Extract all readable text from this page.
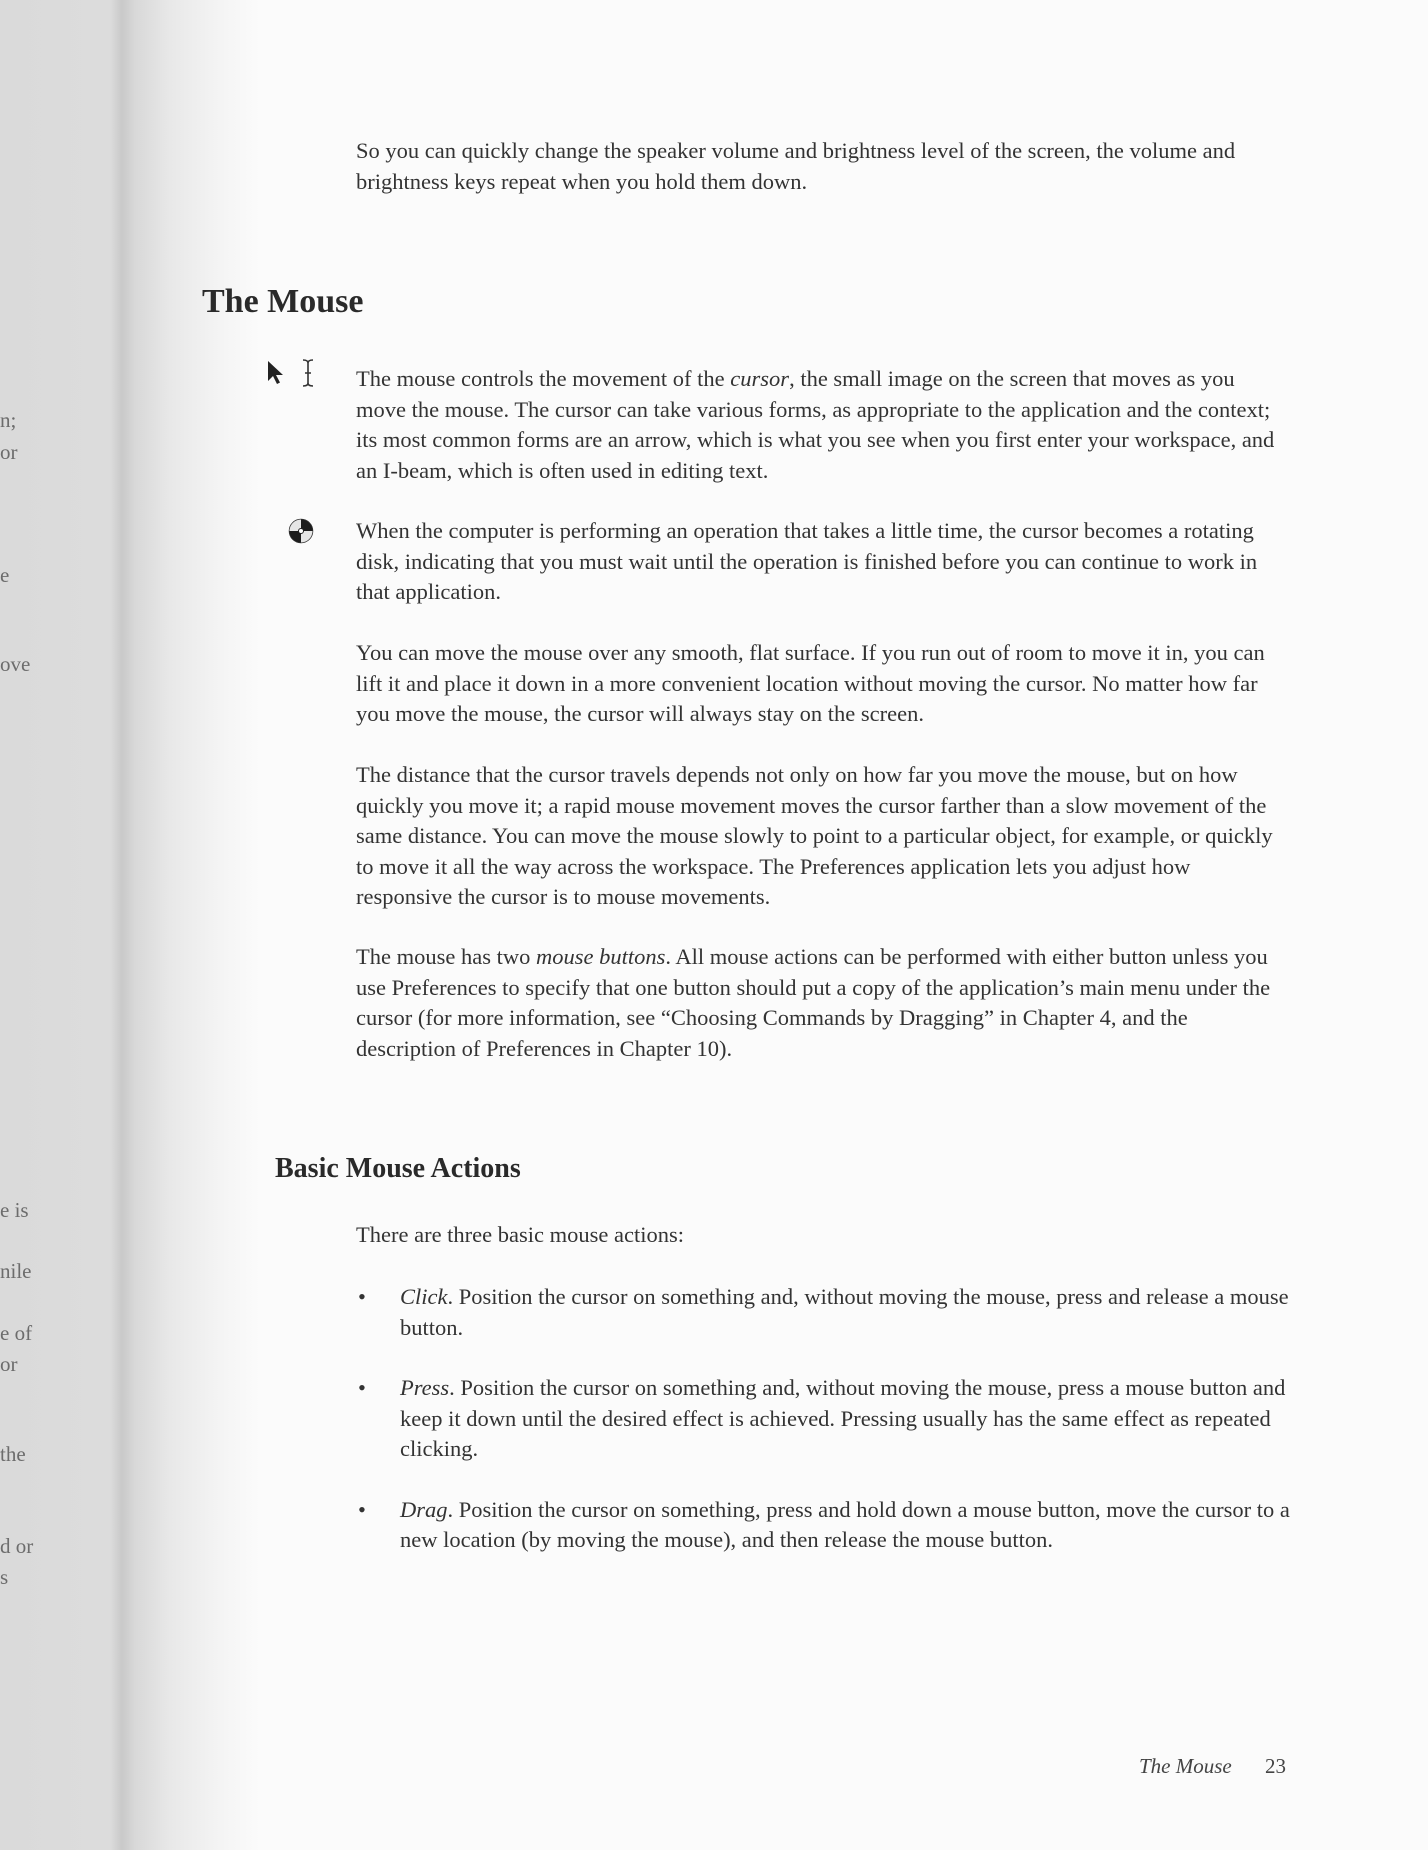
n;
or
e
ove
e is
nile
e of
or
the
d or
s

So you can quickly change the speaker volume and brightness level of the screen, the volume and brightness keys repeat when you hold them down.

The Mouse

The mouse controls the movement of the cursor, the small image on the screen that moves as you move the mouse. The cursor can take various forms, as appropriate to the application and the context; its most common forms are an arrow, which is what you see when you first enter your workspace, and an I-beam, which is often used in editing text.

When the computer is performing an operation that takes a little time, the cursor becomes a rotating disk, indicating that you must wait until the operation is finished before you can continue to work in that application.

You can move the mouse over any smooth, flat surface. If you run out of room to move it in, you can lift it and place it down in a more convenient location without moving the cursor. No matter how far you move the mouse, the cursor will always stay on the screen.

The distance that the cursor travels depends not only on how far you move the mouse, but on how quickly you move it; a rapid mouse movement moves the cursor farther than a slow movement of the same distance. You can move the mouse slowly to point to a particular object, for example, or quickly to move it all the way across the workspace. The Preferences application lets you adjust how responsive the cursor is to mouse movements.

The mouse has two mouse buttons. All mouse actions can be performed with either button unless you use Preferences to specify that one button should put a copy of the application’s main menu under the cursor (for more information, see “Choosing Commands by Dragging” in Chapter 4, and the description of Preferences in Chapter 10).

Basic Mouse Actions

There are three basic mouse actions:

• Click. Position the cursor on something and, without moving the mouse, press and release a mouse button.
• Press. Position the cursor on something and, without moving the mouse, press a mouse button and keep it down until the desired effect is achieved. Pressing usually has the same effect as repeated clicking.
• Drag. Position the cursor on something, press and hold down a mouse button, move the cursor to a new location (by moving the mouse), and then release the mouse button.
The Mouse 23
